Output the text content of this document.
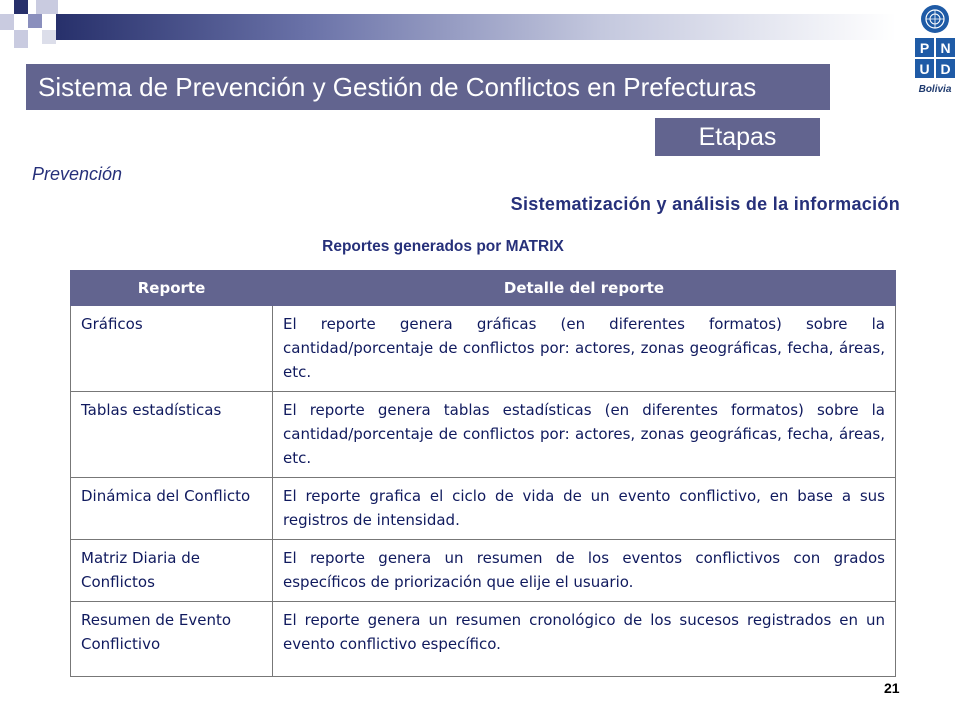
Sistema de Prevención y Gestión de Conflictos en Prefecturas
P N
U D
Bolivia
Etapas
Prevención
Sistematización y análisis de la información
Reportes generados por MATRIX
Reporte	Detalle del reporte
Gráficos	El reporte genera gráficas (en diferentes formatos) sobre la cantidad/porcentaje de conflictos por: actores, zonas geográficas, fecha, áreas, etc.
Tablas estadísticas	El reporte genera tablas estadísticas (en diferentes formatos) sobre la cantidad/porcentaje de conflictos por: actores, zonas geográficas, fecha, áreas, etc.
Dinámica del Conflicto	El reporte grafica el ciclo de vida de un evento conflictivo, en base a sus registros de intensidad.
Matriz Diaria de Conflictos	El reporte genera un resumen de los eventos conflictivos con grados específicos de priorización que elije el usuario.
Resumen de Evento Conflictivo	El reporte genera un resumen cronológico de los sucesos registrados en un evento conflictivo específico.
21
